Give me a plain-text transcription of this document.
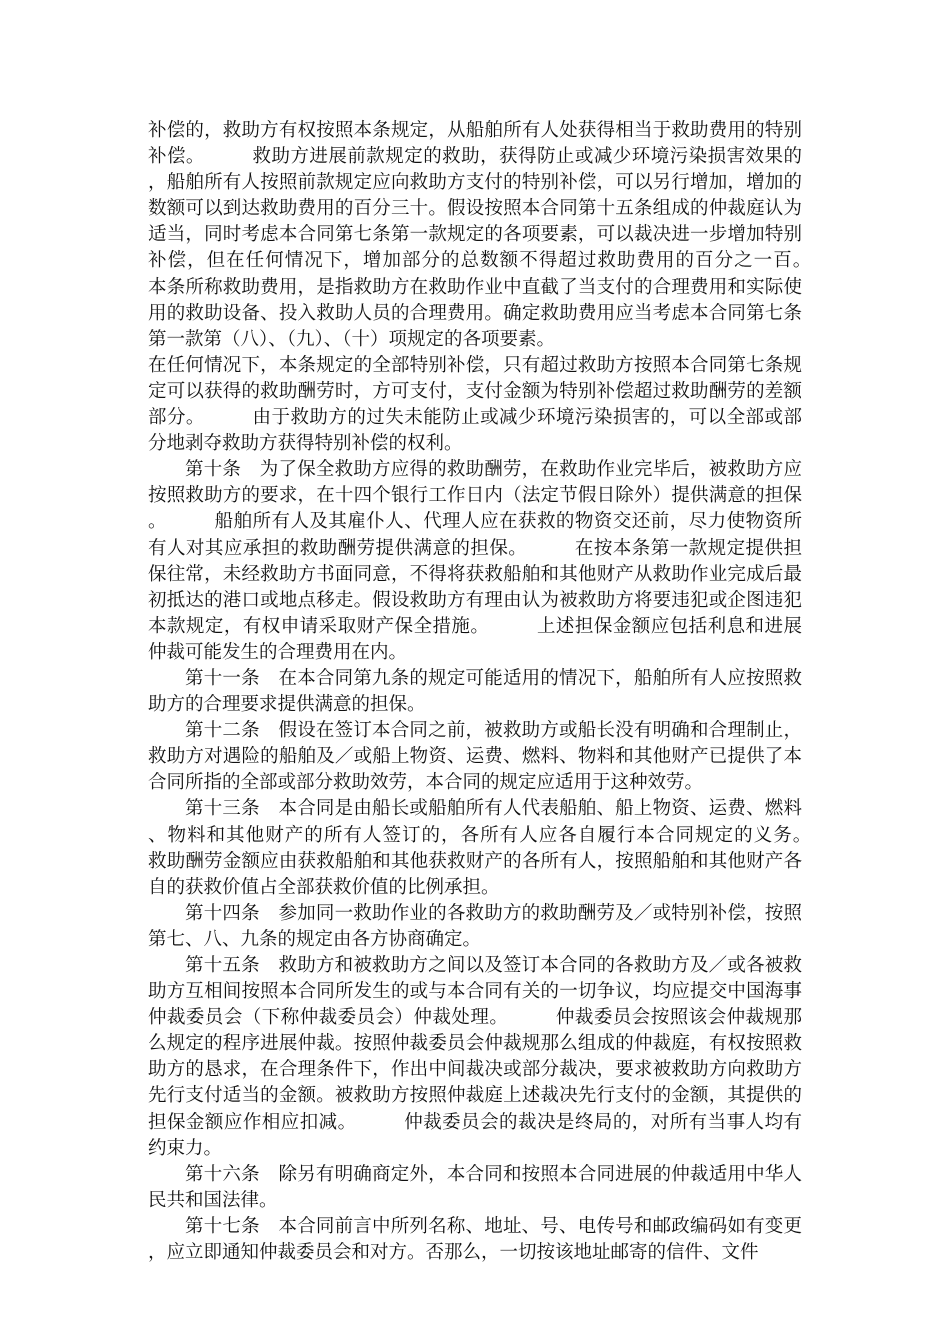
补偿的，救助方有权按照本条规定，从船舶所有人处获得相当于救助费用的特别补偿。　　　救助方进展前款规定的救助，获得防止或减少环境污染损害效果的，船舶所有人按照前款规定应向救助方支付的特别补偿，可以另行增加，增加的数额可以到达救助费用的百分三十。假设按照本合同第十五条组成的仲裁庭认为适当，同时考虑本合同第七条第一款规定的各项要素，可以裁决进一步增加特别补偿，但在任何情况下，增加部分的总数额不得超过救助费用的百分之一百。　　　本条所称救助费用，是指救助方在救助作业中直截了当支付的合理费用和实际使用的救助设备、投入救助人员的合理费用。确定救助费用应当考虑本合同第七条第一款第（八）、（九）、（十）项规定的各项要素。

在任何情况下，本条规定的全部特别补偿，只有超过救助方按照本合同第七条规定可以获得的救助酬劳时，方可支付，支付金额为特别补偿超过救助酬劳的差额部分。　　　由于救助方的过失未能防止或减少环境污染损害的，可以全部或部分地剥夺救助方获得特别补偿的权利。

第十条　为了保全救助方应得的救助酬劳，在救助作业完毕后，被救助方应按照救助方的要求，在十四个银行工作日内（法定节假日除外）提供满意的担保。　　　船舶所有人及其雇仆人、代理人应在获救的物资交还前，尽力使物资所有人对其应承担的救助酬劳提供满意的担保。　　　在按本条第一款规定提供担保往常，未经救助方书面同意，不得将获救船舶和其他财产从救助作业完成后最初抵达的港口或地点移走。假设救助方有理由认为被救助方将要违犯或企图违犯本款规定，有权申请采取财产保全措施。　　　上述担保金额应包括利息和进展仲裁可能发生的合理费用在内。

第十一条　在本合同第九条的规定可能适用的情况下，船舶所有人应按照救助方的合理要求提供满意的担保。

第十二条　假设在签订本合同之前，被救助方或船长没有明确和合理制止，救助方对遇险的船舶及／或船上物资、运费、燃料、物料和其他财产已提供了本合同所指的全部或部分救助效劳，本合同的规定应适用于这种效劳。

第十三条　本合同是由船长或船舶所有人代表船舶、船上物资、运费、燃料、物料和其他财产的所有人签订的，各所有人应各自履行本合同规定的义务。　　　救助酬劳金额应由获救船舶和其他获救财产的各所有人，按照船舶和其他财产各自的获救价值占全部获救价值的比例承担。

第十四条　参加同一救助作业的各救助方的救助酬劳及／或特别补偿，按照第七、八、九条的规定由各方协商确定。

第十五条　救助方和被救助方之间以及签订本合同的各救助方及／或各被救助方互相间按照本合同所发生的或与本合同有关的一切争议，均应提交中国海事仲裁委员会（下称仲裁委员会）仲裁处理。　　　仲裁委员会按照该会仲裁规那么规定的程序进展仲裁。按照仲裁委员会仲裁规那么组成的仲裁庭，有权按照救助方的恳求，在合理条件下，作出中间裁决或部分裁决，要求被救助方向救助方先行支付适当的金额。被救助方按照仲裁庭上述裁决先行支付的金额，其提供的担保金额应作相应扣减。　　　仲裁委员会的裁决是终局的，对所有当事人均有约束力。

第十六条　除另有明确商定外，本合同和按照本合同进展的仲裁适用中华人民共和国法律。

第十七条　本合同前言中所列名称、地址、号、电传号和邮政编码如有变更，应立即通知仲裁委员会和对方。否那么，一切按该地址邮寄的信件、文件
